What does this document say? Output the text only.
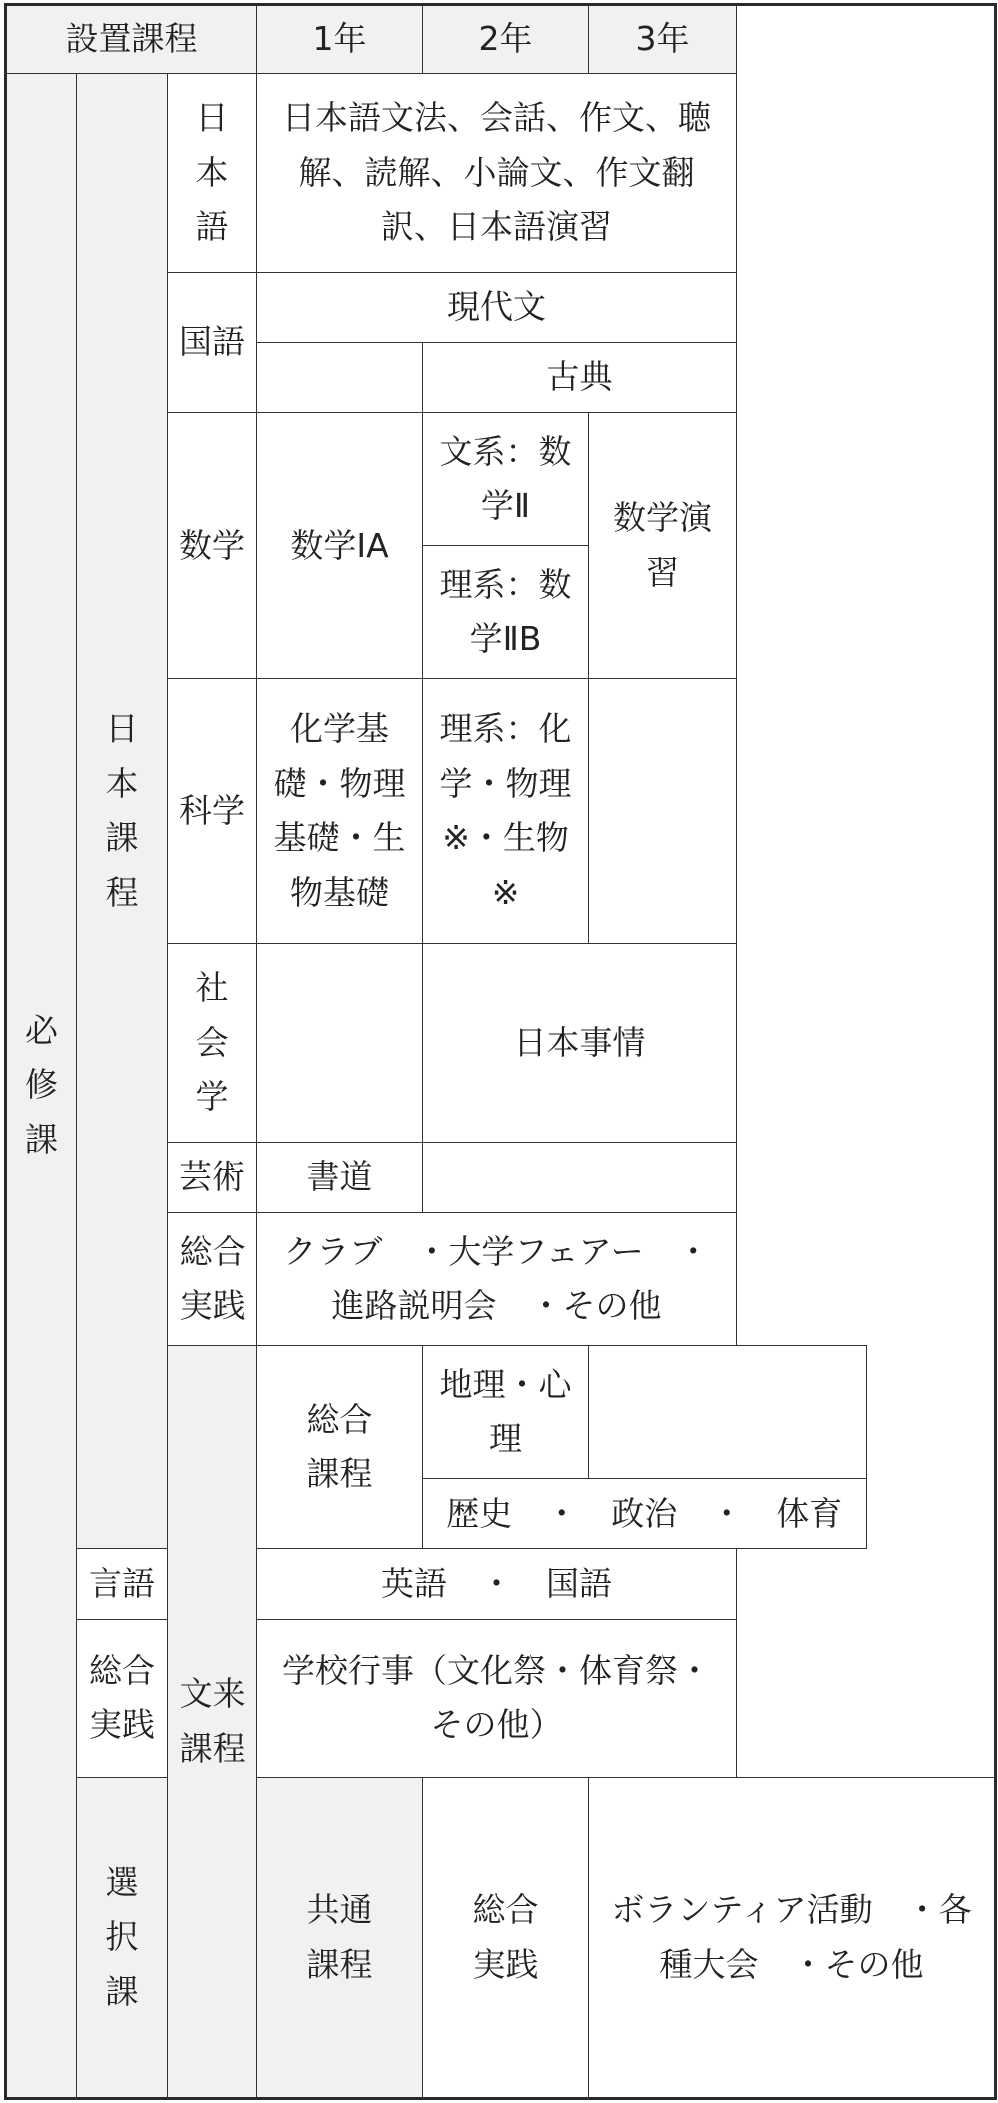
設置課程			1年	2年	3年
必修課	日本課程	日本語	日本語文法、会話、作文、聴解、読解、小論文、作文翻訳、日本語演習		
		国語	現代文		
				古典	
		数学	数学ⅠA	文系：数学Ⅱ	数学演習
				理系：数学ⅡB	
		科学	化学基礎・物理基礎・生物基礎	理系：化学・物理※・生物※	
		社会学		日本事情	
		芸術	書道		
		総合実践	クラブ　・大学フェアー　・進路説明会　・その他		
		文来課程	総合課程	地理・心理	
				歴史　・　政治　・　体育	
	言語		英語　・　国語		
	総合実践		学校行事（文化祭・体育祭・その他）		
	選択課		共通課程	総合実践	ボランティア活動　・各種大会　・その他
